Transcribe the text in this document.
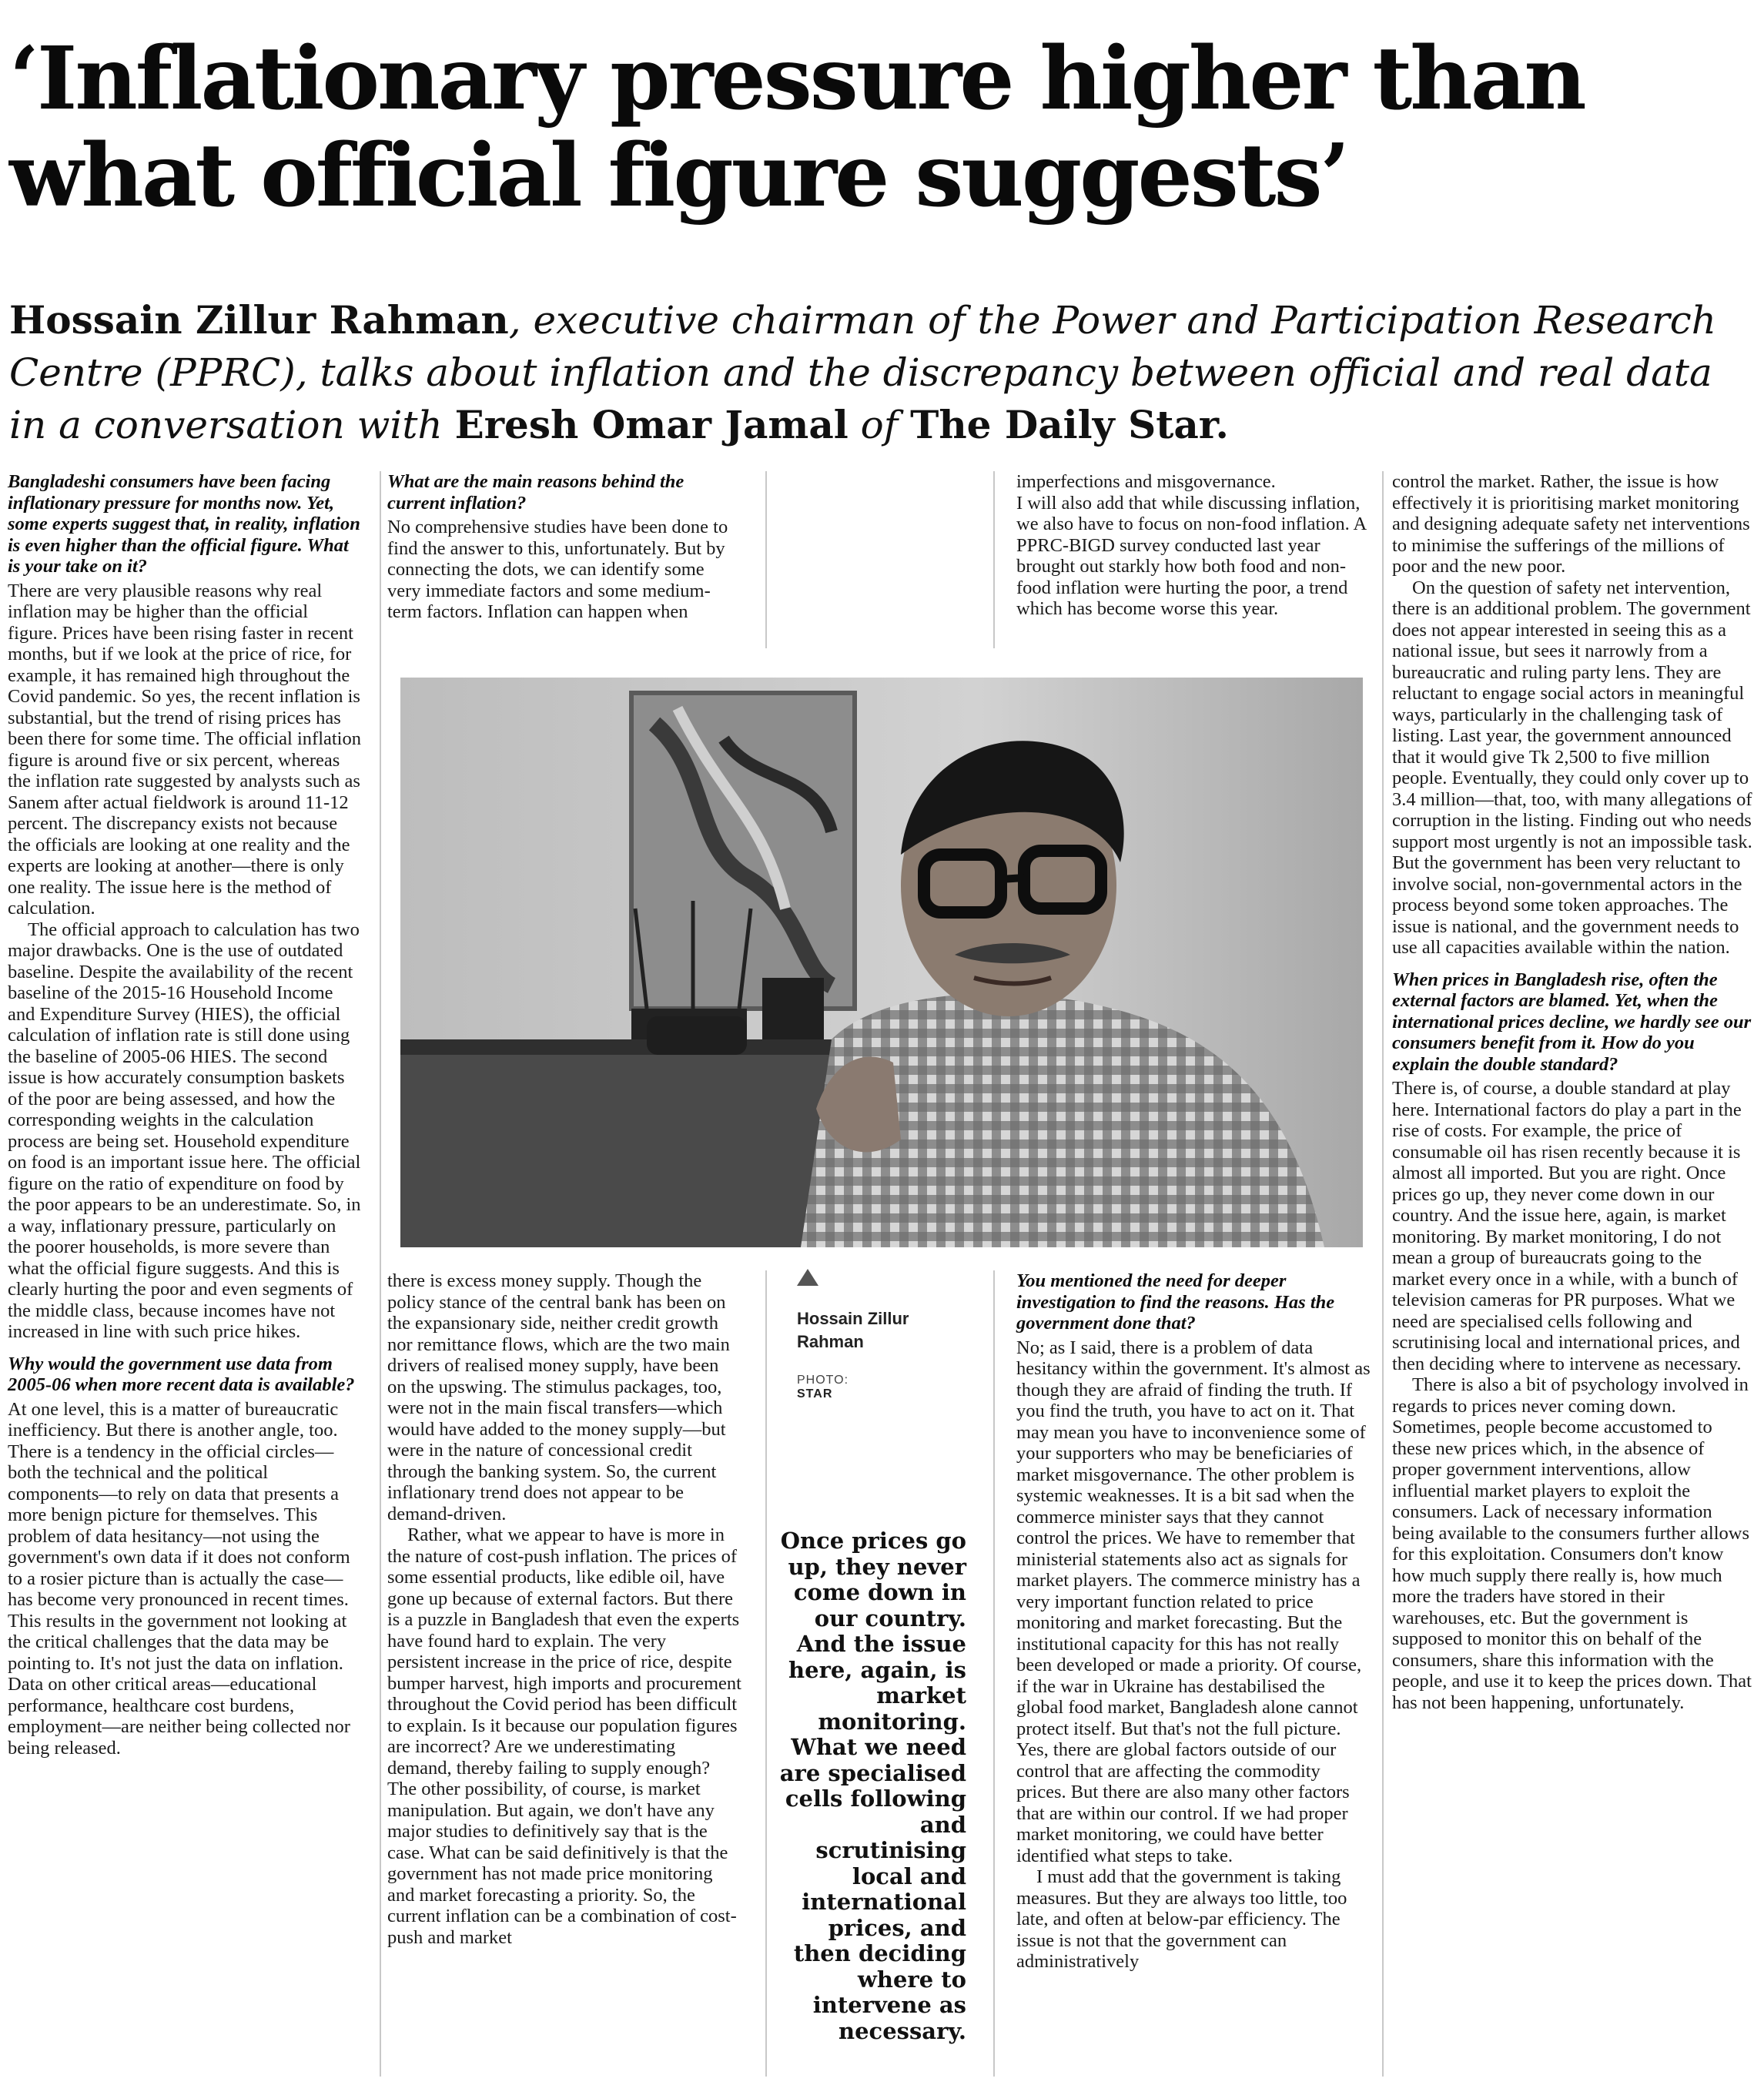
‘Inflationary pressure higher than
what official figure suggests’
Hossain Zillur Rahman, executive chairman of the Power and Participation Research Centre (PPRC), talks about inflation and the discrepancy between official and real data in a conversation with Eresh Omar Jamal of The Daily Star.

Bangladeshi consumers have been facing inflationary pressure for months now. Yet, some experts suggest that, in reality, inflation is even higher than the official figure. What is your take on it?

There are very plausible reasons why real inflation may be higher than the official figure. Prices have been rising faster in recent months, but if we look at the price of rice, for example, it has remained high throughout the Covid pandemic. So yes, the recent inflation is substantial, but the trend of rising prices has been there for some time. The official inflation figure is around five or six percent, whereas the inflation rate suggested by analysts such as Sanem after actual fieldwork is around 11-12 percent. The discrepancy exists not because the officials are looking at one reality and the experts are looking at another—there is only one reality. The issue here is the method of calculation.

The official approach to calculation has two major drawbacks. One is the use of outdated baseline. Despite the availability of the recent baseline of the 2015-16 Household Income and Expenditure Survey (HIES), the official calculation of inflation rate is still done using the baseline of 2005-06 HIES. The second issue is how accurately consumption baskets of the poor are being assessed, and how the corresponding weights in the calculation process are being set. Household expenditure on food is an important issue here. The official figure on the ratio of expenditure on food by the poor appears to be an underestimate. So, in a way, inflationary pressure, particularly on the poorer households, is more severe than what the official figure suggests. And this is clearly hurting the poor and even segments of the middle class, because incomes have not increased in line with such price hikes.

Why would the government use data from 2005-06 when more recent data is available?

At one level, this is a matter of bureaucratic inefficiency. But there is another angle, too. There is a tendency in the official circles—both the technical and the political components—to rely on data that presents a more benign picture for themselves. This problem of data hesitancy—not using the government's own data if it does not conform to a rosier picture than is actually the case—has become very pronounced in recent times. This results in the government not looking at the critical challenges that the data may be pointing to. It's not just the data on inflation. Data on other critical areas—educational performance, healthcare cost burdens, employment—are neither being collected nor being released.

What are the main reasons behind the current inflation?

No comprehensive studies have been done to find the answer to this, unfortunately. But by connecting the dots, we can identify some very immediate factors and some medium-term factors. Inflation can happen when

imperfections and misgovernance.

I will also add that while discussing inflation, we also have to focus on non-food inflation. A PPRC-BIGD survey conducted last year brought out starkly how both food and non-food inflation were hurting the poor, a trend which has become worse this year.

Hossain Zillur Rahman
PHOTO:
STAR

there is excess money supply. Though the policy stance of the central bank has been on the expansionary side, neither credit growth nor remittance flows, which are the two main drivers of realised money supply, have been on the upswing. The stimulus packages, too, were not in the main fiscal transfers—which would have added to the money supply—but were in the nature of concessional credit through the banking system. So, the current inflationary trend does not appear to be demand-driven.

Rather, what we appear to have is more in the nature of cost-push inflation. The prices of some essential products, like edible oil, have gone up because of external factors. But there is a puzzle in Bangladesh that even the experts have found hard to explain. The very persistent increase in the price of rice, despite bumper harvest, high imports and procurement throughout the Covid period has been difficult to explain. Is it because our population figures are incorrect? Are we underestimating demand, thereby failing to supply enough? The other possibility, of course, is market manipulation. But again, we don't have any major studies to definitively say that is the case. What can be said definitively is that the government has not made price monitoring and market forecasting a priority. So, the current inflation can be a combination of cost-push and market

Once prices go up, they never come down in our country. And the issue here, again, is market monitoring. What we need are specialised cells following and scrutinising local and international prices, and then deciding where to intervene as necessary.

You mentioned the need for deeper investigation to find the reasons. Has the government done that?

No; as I said, there is a problem of data hesitancy within the government. It's almost as though they are afraid of finding the truth. If you find the truth, you have to act on it. That may mean you have to inconvenience some of your supporters who may be beneficiaries of market misgovernance. The other problem is systemic weaknesses. It is a bit sad when the commerce minister says that they cannot control the prices. We have to remember that ministerial statements also act as signals for market players. The commerce ministry has a very important function related to price monitoring and market forecasting. But the institutional capacity for this has not really been developed or made a priority. Of course, if the war in Ukraine has destabilised the global food market, Bangladesh alone cannot protect itself. But that's not the full picture. Yes, there are global factors outside of our control that are affecting the commodity prices. But there are also many other factors that are within our control. If we had proper market monitoring, we could have better identified what steps to take.

I must add that the government is taking measures. But they are always too little, too late, and often at below-par efficiency. The issue is not that the government can administratively

control the market. Rather, the issue is how effectively it is prioritising market monitoring and designing adequate safety net interventions to minimise the sufferings of the millions of poor and the new poor.

On the question of safety net intervention, there is an additional problem. The government does not appear interested in seeing this as a national issue, but sees it narrowly from a bureaucratic and ruling party lens. They are reluctant to engage social actors in meaningful ways, particularly in the challenging task of listing. Last year, the government announced that it would give Tk 2,500 to five million people. Eventually, they could only cover up to 3.4 million—that, too, with many allegations of corruption in the listing. Finding out who needs support most urgently is not an impossible task. But the government has been very reluctant to involve social, non-governmental actors in the process beyond some token approaches. The issue is national, and the government needs to use all capacities available within the nation.

When prices in Bangladesh rise, often the external factors are blamed. Yet, when the international prices decline, we hardly see our consumers benefit from it. How do you explain the double standard?

There is, of course, a double standard at play here. International factors do play a part in the rise of costs. For example, the price of consumable oil has risen recently because it is almost all imported. But you are right. Once prices go up, they never come down in our country. And the issue here, again, is market monitoring. By market monitoring, I do not mean a group of bureaucrats going to the market every once in a while, with a bunch of television cameras for PR purposes. What we need are specialised cells following and scrutinising local and international prices, and then deciding where to intervene as necessary.

There is also a bit of psychology involved in regards to prices never coming down. Sometimes, people become accustomed to these new prices which, in the absence of proper government interventions, allow influential market players to exploit the consumers. Lack of necessary information being available to the consumers further allows for this exploitation. Consumers don't know how much supply there really is, how much more the traders have stored in their warehouses, etc. But the government is supposed to monitor this on behalf of the consumers, share this information with the people, and use it to keep the prices down. That has not been happening, unfortunately.
